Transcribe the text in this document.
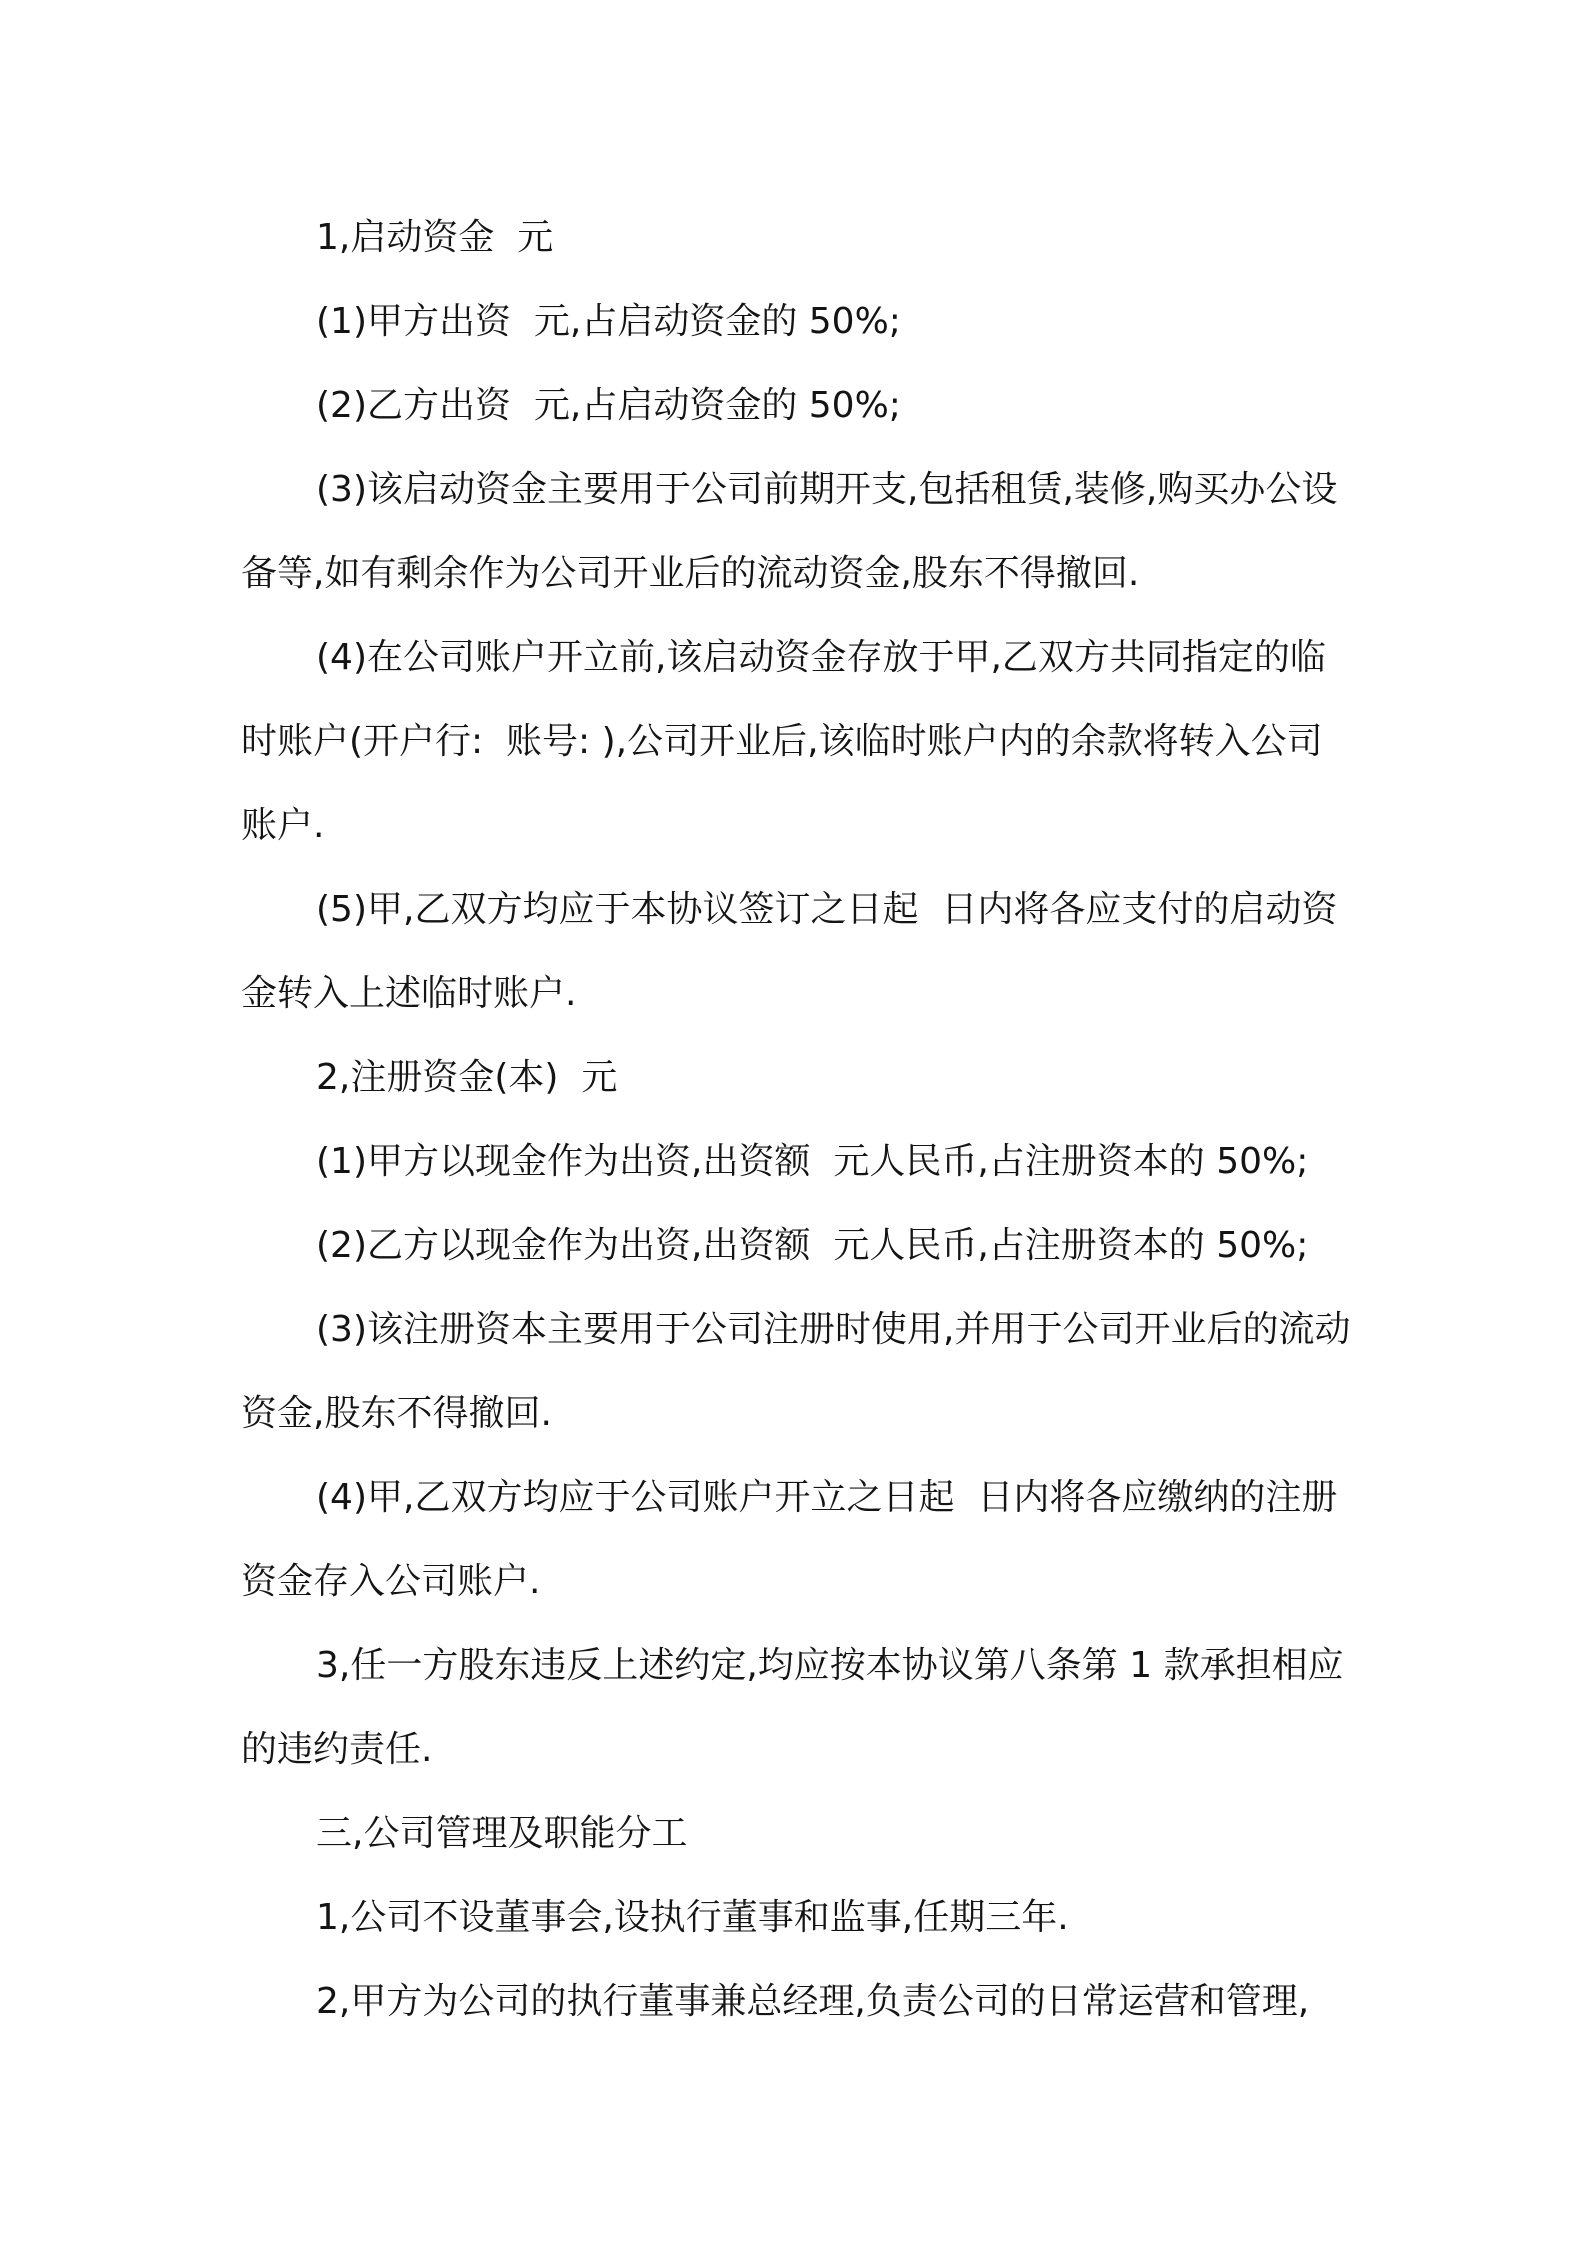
1,启动资金  元

(1)甲方出资  元,占启动资金的 50%;

(2)乙方出资  元,占启动资金的 50%;

(3)该启动资金主要用于公司前期开支,包括租赁,装修,购买办公设备等,如有剩余作为公司开业后的流动资金,股东不得撤回.

(4)在公司账户开立前,该启动资金存放于甲,乙双方共同指定的临时账户(开户行:  账号: ),公司开业后,该临时账户内的余款将转入公司账户.

(5)甲,乙双方均应于本协议签订之日起  日内将各应支付的启动资金转入上述临时账户.

2,注册资金(本)  元

(1)甲方以现金作为出资,出资额  元人民币,占注册资本的 50%;

(2)乙方以现金作为出资,出资额  元人民币,占注册资本的 50%;

(3)该注册资本主要用于公司注册时使用,并用于公司开业后的流动资金,股东不得撤回.

(4)甲,乙双方均应于公司账户开立之日起  日内将各应缴纳的注册资金存入公司账户.

3,任一方股东违反上述约定,均应按本协议第八条第 1 款承担相应的违约责任.

三,公司管理及职能分工

1,公司不设董事会,设执行董事和监事,任期三年.

2,甲方为公司的执行董事兼总经理,负责公司的日常运营和管理,
